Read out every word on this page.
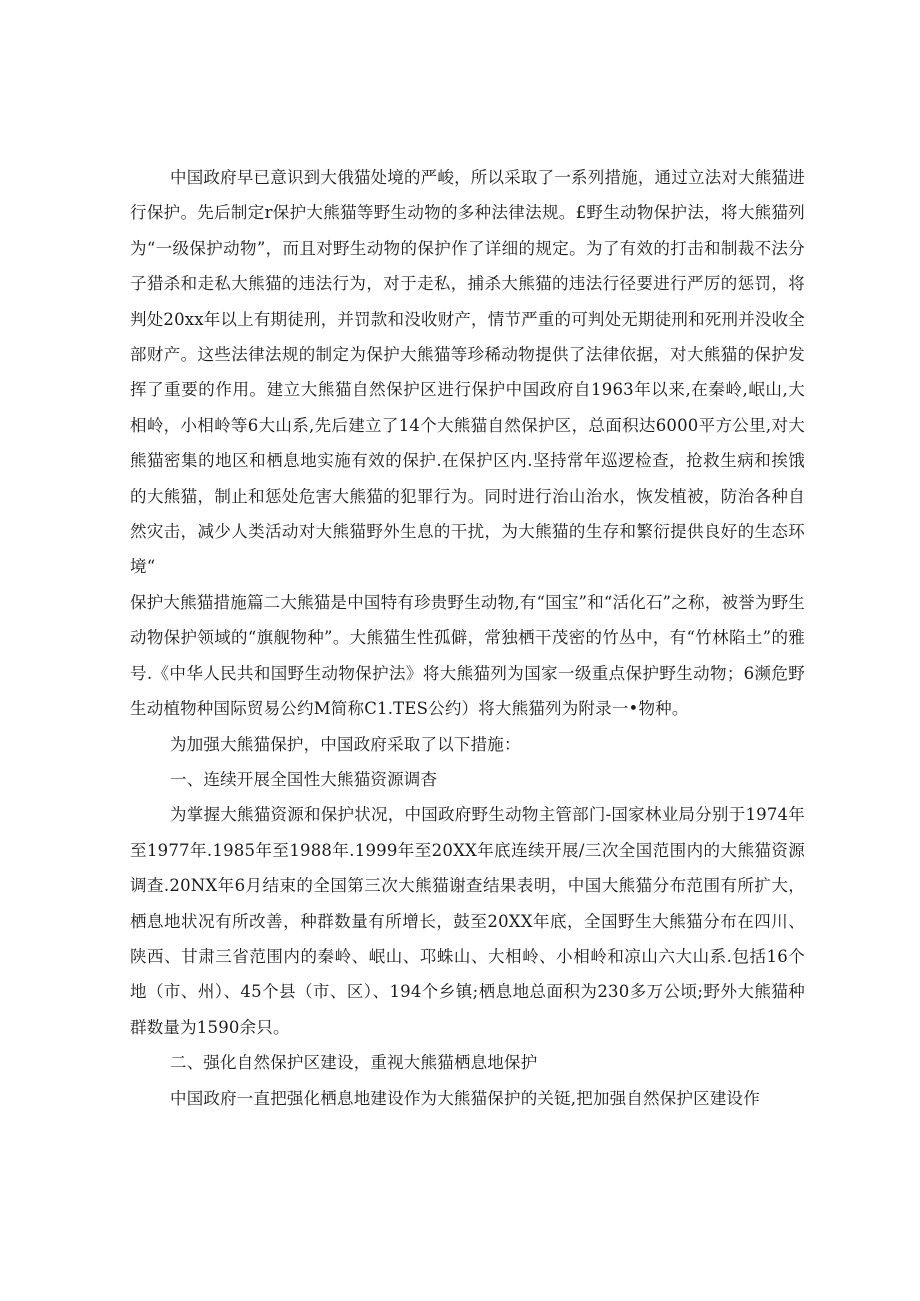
中国政府早已意识到大俄猫处境的严峻，所以采取了一系列措施，通过立法对大熊猫进行保护。先后制定r保护大熊猫等野生动物的多种法律法规。£野生动物保护法，将大熊猫列为“一级保护动物”，而且对野生动物的保护作了详细的规定。为了有效的打击和制裁不法分子猎杀和走私大熊猫的违法行为，对于走私，捕杀大熊猫的违法行径要进行严厉的惩罚，将判处20xx年以上有期徒刑，并罚款和没收财产，情节严重的可判处无期徒刑和死刑并没收全部财产。这些法律法规的制定为保护大熊猫等珍稀动物提供了法律依据，对大熊猫的保护发挥了重要的作用。建立大熊猫自然保护区进行保护中国政府自1963年以来,在秦岭,岷山,大相岭，小相岭等6大山系,先后建立了14个大熊猫自然保护区，总面积达6000平方公里,对大熊猫密集的地区和栖息地实施有效的保护.在保护区内.坚持常年巡逻检查，抢救生病和挨饿的大熊猫，制止和惩处危害大熊猫的犯罪行为。同时进行治山治水，恢发植被，防治各种自然灾击，减少人类活动对大熊猫野外生息的干扰，为大熊猫的生存和繁衍提供良好的生态环境“

保护大熊猫措施篇二大熊猫是中国特有珍贵野生动物,有“国宝”和“活化石”之称，被誉为野生动物保护领域的“旗舰物种”。大熊猫生性孤僻，常独栖干茂密的竹丛中，有“竹林陷土”的雅号.《中华人民共和国野生动物保护法》将大熊猫列为国家一级重点保护野生动物；6濒危野生动植物种国际贸易公约M简称C1.TES公约）将大熊猫列为附录一•物种。

为加强大熊猫保护，中国政府采取了以下措施：

一、连续开展全国性大熊猫资源调杳

为掌握大熊猫资源和保护状况，中国政府野生动物主管部门-国家林业局分别于1974年至1977年.1985年至1988年.1999年至20XX年底连续开展/三次全国范围内的大熊猫资源调查.20NX年6月结束的全国第三次大熊猫谢查结果表明，中国大熊猫分布范围有所扩大，栖息地状况有所改善，种群数量有所增长，鼓至20XX年底，全国野生大熊猫分布在四川、陕西、甘肃三省范围内的秦岭、岷山、邛蛛山、大相岭、小相岭和凉山六大山系.包括16个地（市、州）、45个县（市、区）、194个乡镇;栖息地总面积为230多万公顷;野外大熊猫种群数量为1590余只。

二、强化自然保护区建设，重视大熊猫栖息地保护

中国政府一直把强化栖息地建设作为大熊猫保护的关铤,把加强自然保护区建设作
